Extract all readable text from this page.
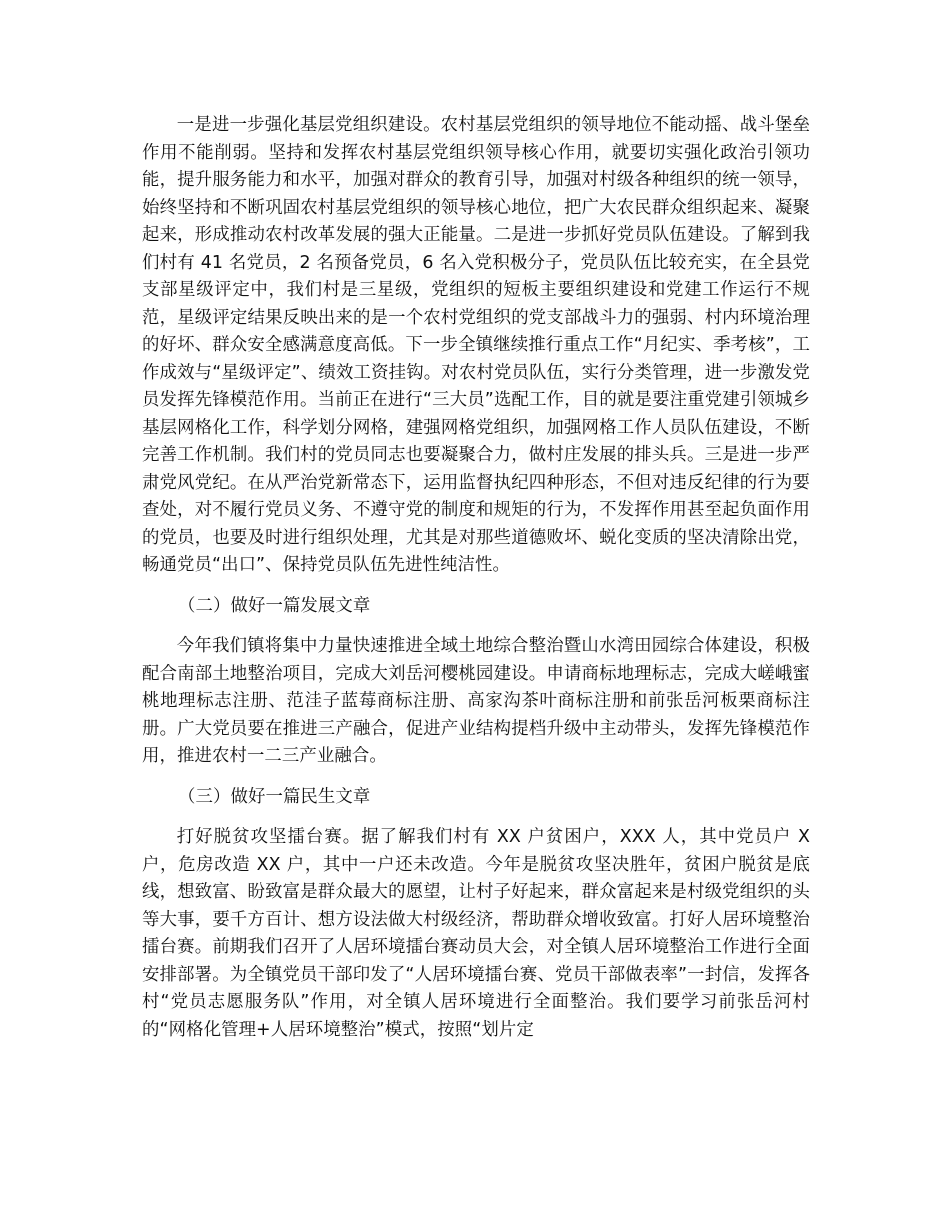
一是进一步强化基层党组织建设。农村基层党组织的领导地位不能动摇、战斗堡垒作用不能削弱。坚持和发挥农村基层党组织领导核心作用，就要切实强化政治引领功能，提升服务能力和水平，加强对群众的教育引导，加强对村级各种组织的统一领导，始终坚持和不断巩固农村基层党组织的领导核心地位，把广大农民群众组织起来、凝聚起来，形成推动农村改革发展的强大正能量。二是进一步抓好党员队伍建设。了解到我们村有 41 名党员，2 名预备党员，6 名入党积极分子，党员队伍比较充实，在全县党支部星级评定中，我们村是三星级，党组织的短板主要组织建设和党建工作运行不规范，星级评定结果反映出来的是一个农村党组织的党支部战斗力的强弱、村内环境治理的好坏、群众安全感满意度高低。下一步全镇继续推行重点工作“月纪实、季考核”，工作成效与“星级评定”、绩效工资挂钩。对农村党员队伍，实行分类管理，进一步激发党员发挥先锋模范作用。当前正在进行“三大员”选配工作，目的就是要注重党建引领城乡基层网格化工作，科学划分网格，建强网格党组织，加强网格工作人员队伍建设，不断完善工作机制。我们村的党员同志也要凝聚合力，做村庄发展的排头兵。三是进一步严肃党风党纪。在从严治党新常态下，运用监督执纪四种形态，不但对违反纪律的行为要查处，对不履行党员义务、不遵守党的制度和规矩的行为，不发挥作用甚至起负面作用的党员，也要及时进行组织处理，尤其是对那些道德败坏、蜕化变质的坚决清除出党，畅通党员“出口”、保持党员队伍先进性纯洁性。

（二）做好一篇发展文章

今年我们镇将集中力量快速推进全域土地综合整治暨山水湾田园综合体建设，积极配合南部土地整治项目，完成大刘岳河樱桃园建设。申请商标地理标志，完成大嵯峨蜜桃地理标志注册、范洼子蓝莓商标注册、高家沟茶叶商标注册和前张岳河板栗商标注册。广大党员要在推进三产融合，促进产业结构提档升级中主动带头，发挥先锋模范作用，推进农村一二三产业融合。

（三）做好一篇民生文章

打好脱贫攻坚擂台赛。据了解我们村有 XX 户贫困户，XXX 人，其中党员户 X 户，危房改造 XX 户，其中一户还未改造。今年是脱贫攻坚决胜年，贫困户脱贫是底线，想致富、盼致富是群众最大的愿望，让村子好起来，群众富起来是村级党组织的头等大事，要千方百计、想方设法做大村级经济，帮助群众增收致富。打好人居环境整治擂台赛。前期我们召开了人居环境擂台赛动员大会，对全镇人居环境整治工作进行全面安排部署。为全镇党员干部印发了“人居环境擂台赛、党员干部做表率”一封信，发挥各村“党员志愿服务队”作用，对全镇人居环境进行全面整治。我们要学习前张岳河村的“网格化管理+人居环境整治”模式，按照“划片定
